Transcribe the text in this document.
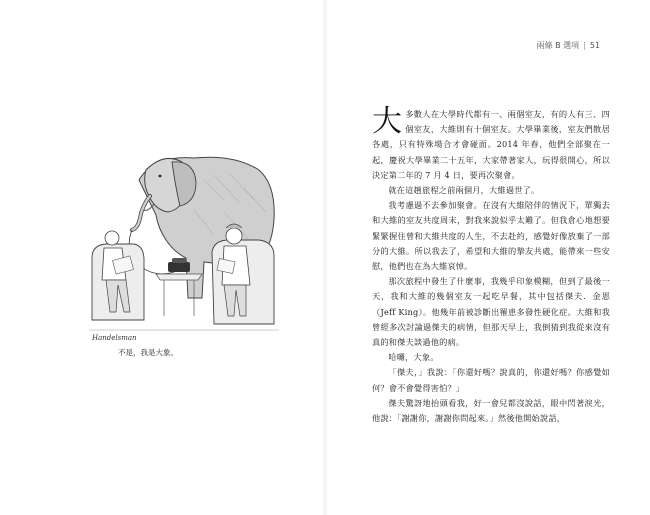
兩條 B 選項 | 51
Handelsman
不是，我是大象。

大多數人在大學時代都有一、兩個室友，有的人有三、四個室友，大維則有十個室友。大學畢業後，室友們散居各處，只有特殊場合才會碰面。2014 年春，他們全部聚在一起，慶祝大學畢業二十五年，大家帶著家人，玩得很開心，所以決定第二年的 7 月 4 日，要再次聚會。

就在這趟旅程之前兩個月，大維過世了。

我考慮過不去參加聚會。在沒有大維陪伴的情況下，單獨去和大維的室友共度周末，對我來說似乎太難了。但我倉心地想要緊緊握住曾和大維共度的人生，不去赴約，感覺好像放棄了一部分的大維。所以我去了，希望和大維的摯友共處，能帶來一些安慰，他們也在為大維哀悼。

那次旅程中發生了什麼事，我幾乎印象模糊，但到了最後一天，我和大維的幾個室友一起吃早餐，其中包括傑夫．金恩（Jeff King）。他幾年前被診斷出罹患多發性硬化症。大維和我曾經多次討論過傑夫的病情，但那天早上，我倒猜到我從來沒有真的和傑夫談過他的病。

哈囉，大象。

「傑夫，」我說：「你還好嗎？說真的，你還好嗎？你感覺如何？會不會覺得害怕？」

傑夫驚訝地抬頭看我，好一會兒都沒說話，眼中閃著淚光，他說：「謝謝你，謝謝你問起來。」然後他開始說話，
